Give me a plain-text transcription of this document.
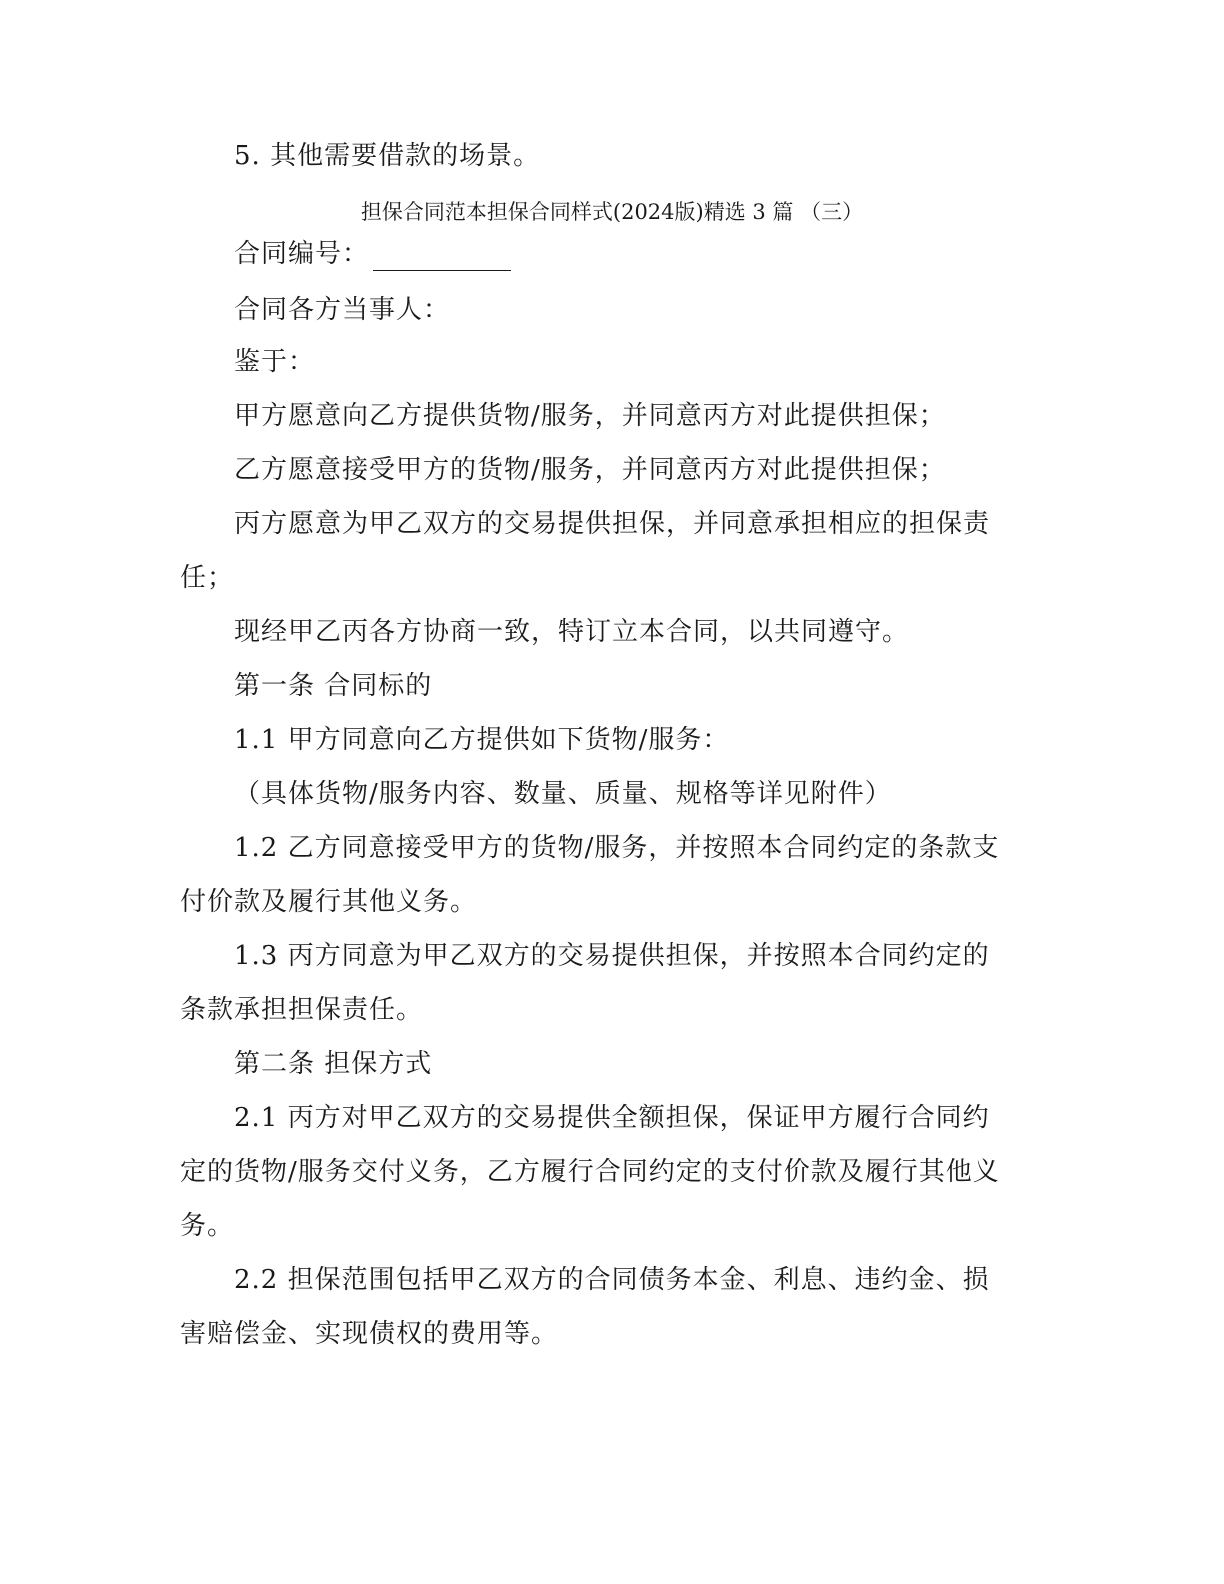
5. 其他需要借款的场景。
担保合同范本担保合同样式(2024版)精选 3 篇 （三）
合同编号：
合同各方当事人：
鉴于：
甲方愿意向乙方提供货物/服务，并同意丙方对此提供担保；
乙方愿意接受甲方的货物/服务，并同意丙方对此提供担保；
丙方愿意为甲乙双方的交易提供担保，并同意承担相应的担保责
任；
现经甲乙丙各方协商一致，特订立本合同，以共同遵守。
第一条 合同标的
1.1 甲方同意向乙方提供如下货物/服务：
（具体货物/服务内容、数量、质量、规格等详见附件）
1.2 乙方同意接受甲方的货物/服务，并按照本合同约定的条款支
付价款及履行其他义务。
1.3 丙方同意为甲乙双方的交易提供担保，并按照本合同约定的
条款承担担保责任。
第二条 担保方式
2.1 丙方对甲乙双方的交易提供全额担保，保证甲方履行合同约
定的货物/服务交付义务，乙方履行合同约定的支付价款及履行其他义
务。
2.2 担保范围包括甲乙双方的合同债务本金、利息、违约金、损
害赔偿金、实现债权的费用等。
